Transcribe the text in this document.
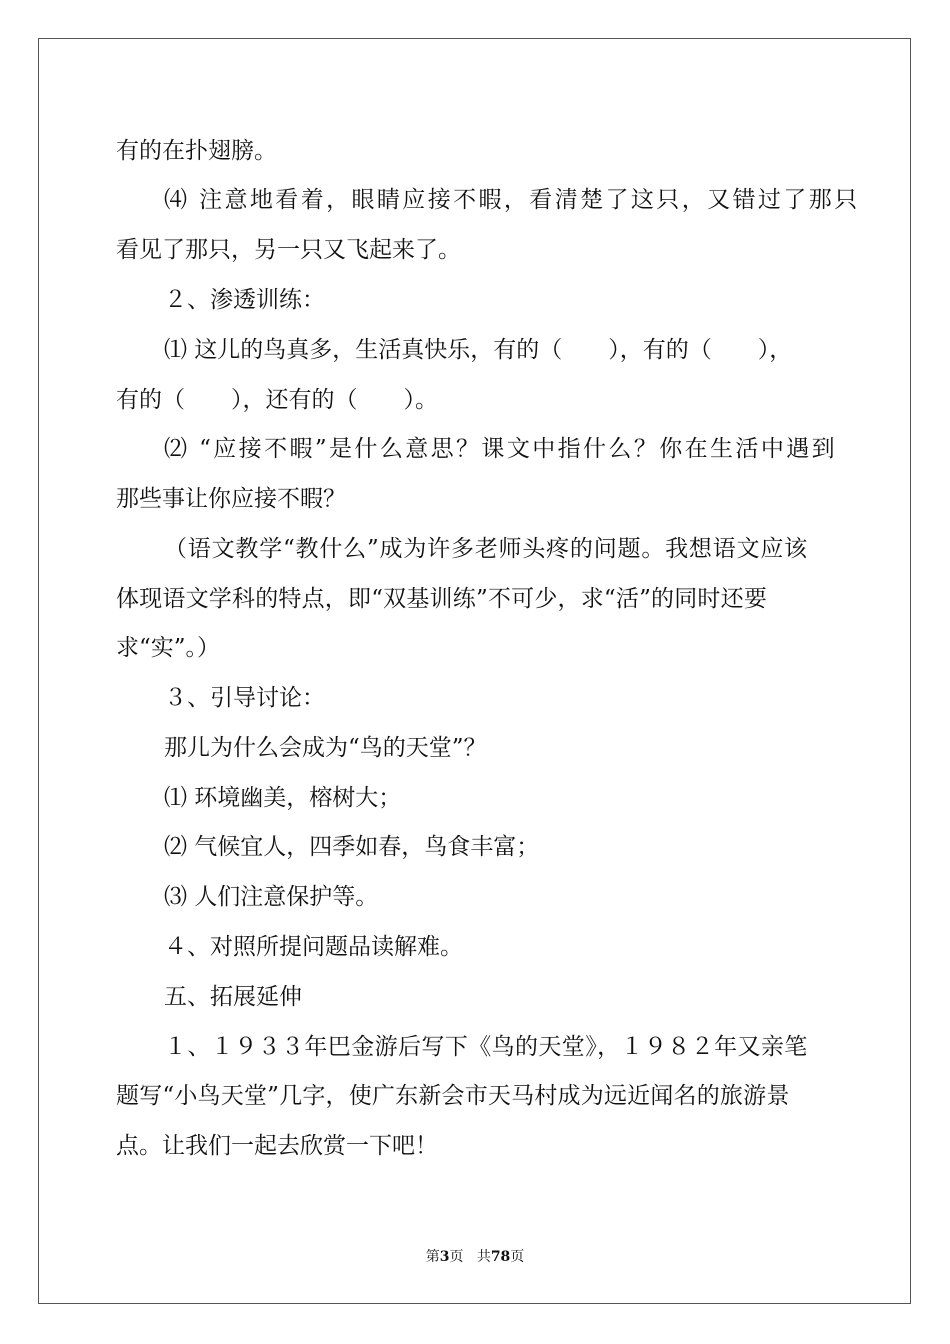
有的在扑翅膀。

⑷ 注意地看着，眼睛应接不暇，看清楚了这只，又错过了那只

看见了那只，另一只又飞起来了。

２、渗透训练：

⑴ 这儿的鸟真多，生活真快乐，有的（　　），有的（　　），

有的（　　），还有的（　　）。

⑵ “应接不暇”是什么意思？课文中指什么？你在生活中遇到

那些事让你应接不暇？

（语文教学“教什么”成为许多老师头疼的问题。我想语文应该

体现语文学科的特点，即“双基训练”不可少，求“活”的同时还要

求“实”。）

３、引导讨论：

那儿为什么会成为“鸟的天堂”？

⑴ 环境幽美，榕树大；

⑵ 气候宜人，四季如春，鸟食丰富；

⑶ 人们注意保护等。

４、对照所提问题品读解难。

五、拓展延伸

１、１９３３年巴金游后写下《鸟的天堂》，１９８２年又亲笔

题写“小鸟天堂”几字，使广东新会市天马村成为远近闻名的旅游景

点。让我们一起去欣赏一下吧！

第3页 共78页
